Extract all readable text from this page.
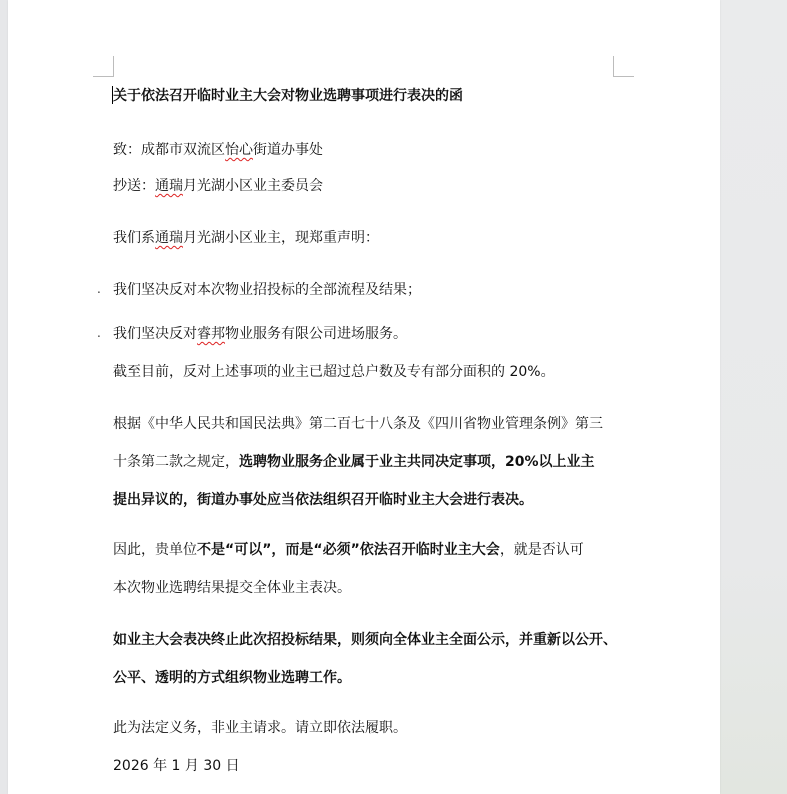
关于依法召开临时业主大会对物业选聘事项进行表决的函
致：成都市双流区怡心街道办事处
抄送：通瑞月光湖小区业主委员会
我们系通瑞月光湖小区业主，现郑重声明：
. 我们坚决反对本次物业招投标的全部流程及结果；
. 我们坚决反对睿邦物业服务有限公司进场服务。
截至目前，反对上述事项的业主已超过总户数及专有部分面积的 20%。
根据《中华人民共和国民法典》第二百七十八条及《四川省物业管理条例》第三
十条第二款之规定，选聘物业服务企业属于业主共同决定事项，20%以上业主
提出异议的，街道办事处应当依法组织召开临时业主大会进行表决。
因此，贵单位不是“可以”，而是“必须”依法召开临时业主大会，就是否认可
本次物业选聘结果提交全体业主表决。
如业主大会表决终止此次招投标结果，则须向全体业主全面公示，并重新以公开、
公平、透明的方式组织物业选聘工作。
此为法定义务，非业主请求。请立即依法履职。
2026 年 1 月 30 日
